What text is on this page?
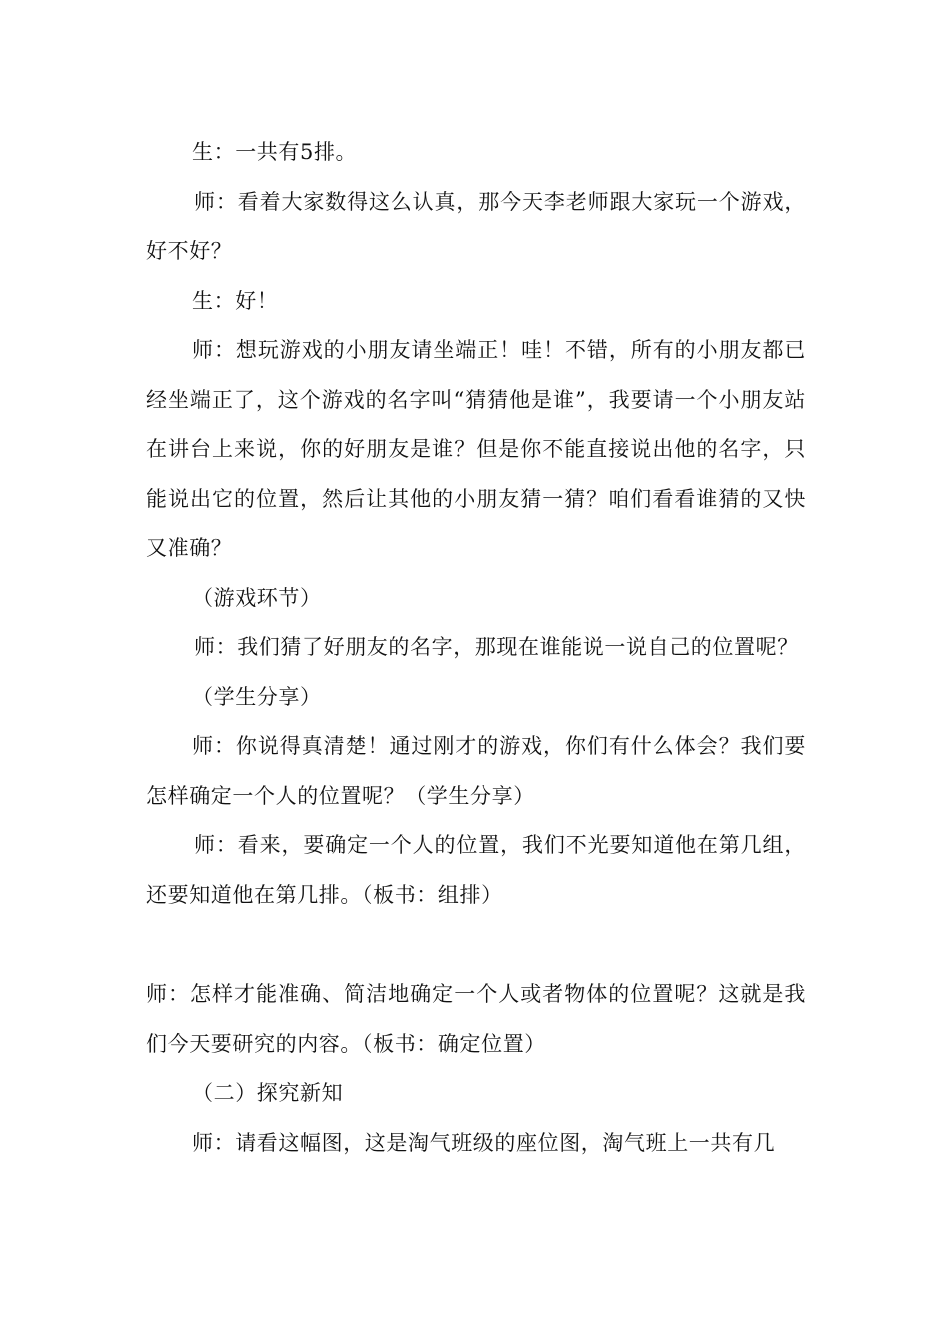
生：一共有5排。

师：看着大家数得这么认真，那今天李老师跟大家玩一个游戏，好不好？

生：好！

师：想玩游戏的小朋友请坐端正！哇！不错，所有的小朋友都已经坐端正了，这个游戏的名字叫“猜猜他是谁”，我要请一个小朋友站在讲台上来说，你的好朋友是谁？但是你不能直接说出他的名字，只能说出它的位置，然后让其他的小朋友猜一猜？咱们看看谁猜的又快又准确？

（游戏环节）

师：我们猜了好朋友的名字，那现在谁能说一说自己的位置呢？

（学生分享）

师：你说得真清楚！通过刚才的游戏，你们有什么体会？我们要怎样确定一个人的位置呢？（学生分享）

师：看来，要确定一个人的位置，我们不光要知道他在第几组，还要知道他在第几排。（板书：组排）

师：怎样才能准确、简洁地确定一个人或者物体的位置呢？这就是我们今天要研究的内容。（板书：确定位置）

（二）探究新知

师：请看这幅图，这是淘气班级的座位图，淘气班上一共有几
